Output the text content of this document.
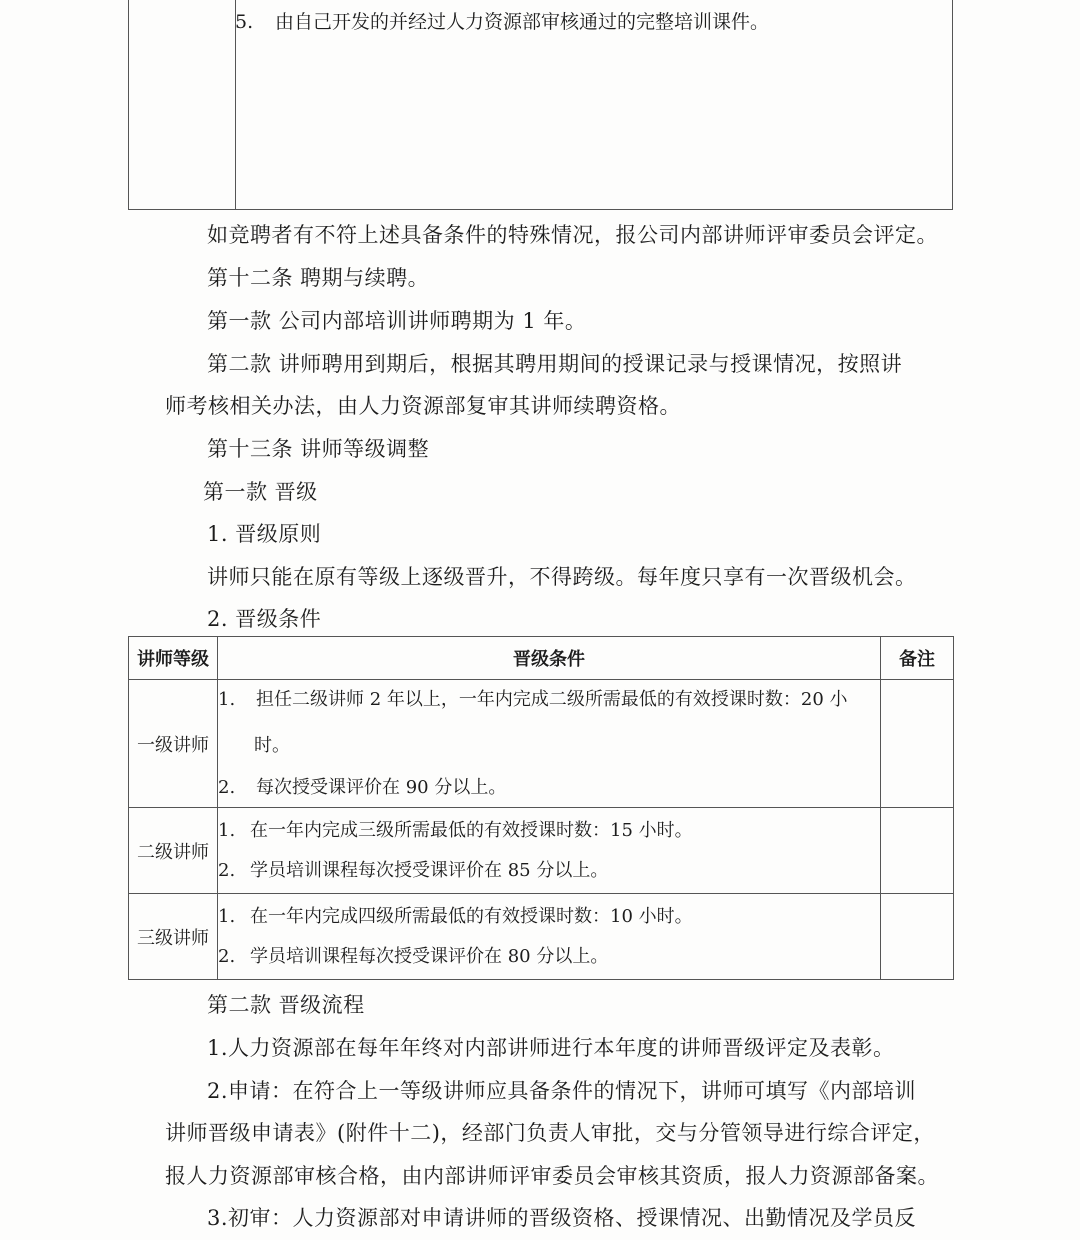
5. 由自己开发的并经过人力资源部审核通过的完整培训课件。
如竞聘者有不符上述具备条件的特殊情况，报公司内部讲师评审委员会评定。
第十二条 聘期与续聘。
第一款 公司内部培训讲师聘期为 1 年。
第二款 讲师聘用到期后，根据其聘用期间的授课记录与授课情况，按照讲
师考核相关办法，由人力资源部复审其讲师续聘资格。
第十三条 讲师等级调整
第一款 晋级
1. 晋级原则
讲师只能在原有等级上逐级晋升，不得跨级。每年度只享有一次晋级机会。
2. 晋级条件
讲师等级	晋级条件	备注
一级讲师	1. 担任二级讲师 2 年以上，一年内完成二级所需最低的有效授课时数：20 小
时。
2. 每次授受课评价在 90 分以上。	

二级讲师	1. 在一年内完成三级所需最低的有效授课时数：15 小时。
2. 学员培训课程每次授受课评价在 85 分以上。	

三级讲师	1. 在一年内完成四级所需最低的有效授课时数：10 小时。
2. 学员培训课程每次授受课评价在 80 分以上。	

第二款 晋级流程
1.人力资源部在每年年终对内部讲师进行本年度的讲师晋级评定及表彰。
2.申请：在符合上一等级讲师应具备条件的情况下，讲师可填写《内部培训
讲师晋级申请表》(附件十二)，经部门负责人审批，交与分管领导进行综合评定，
报人力资源部审核合格，由内部讲师评审委员会审核其资质，报人力资源部备案。
3.初审：人力资源部对申请讲师的晋级资格、授课情况、出勤情况及学员反
